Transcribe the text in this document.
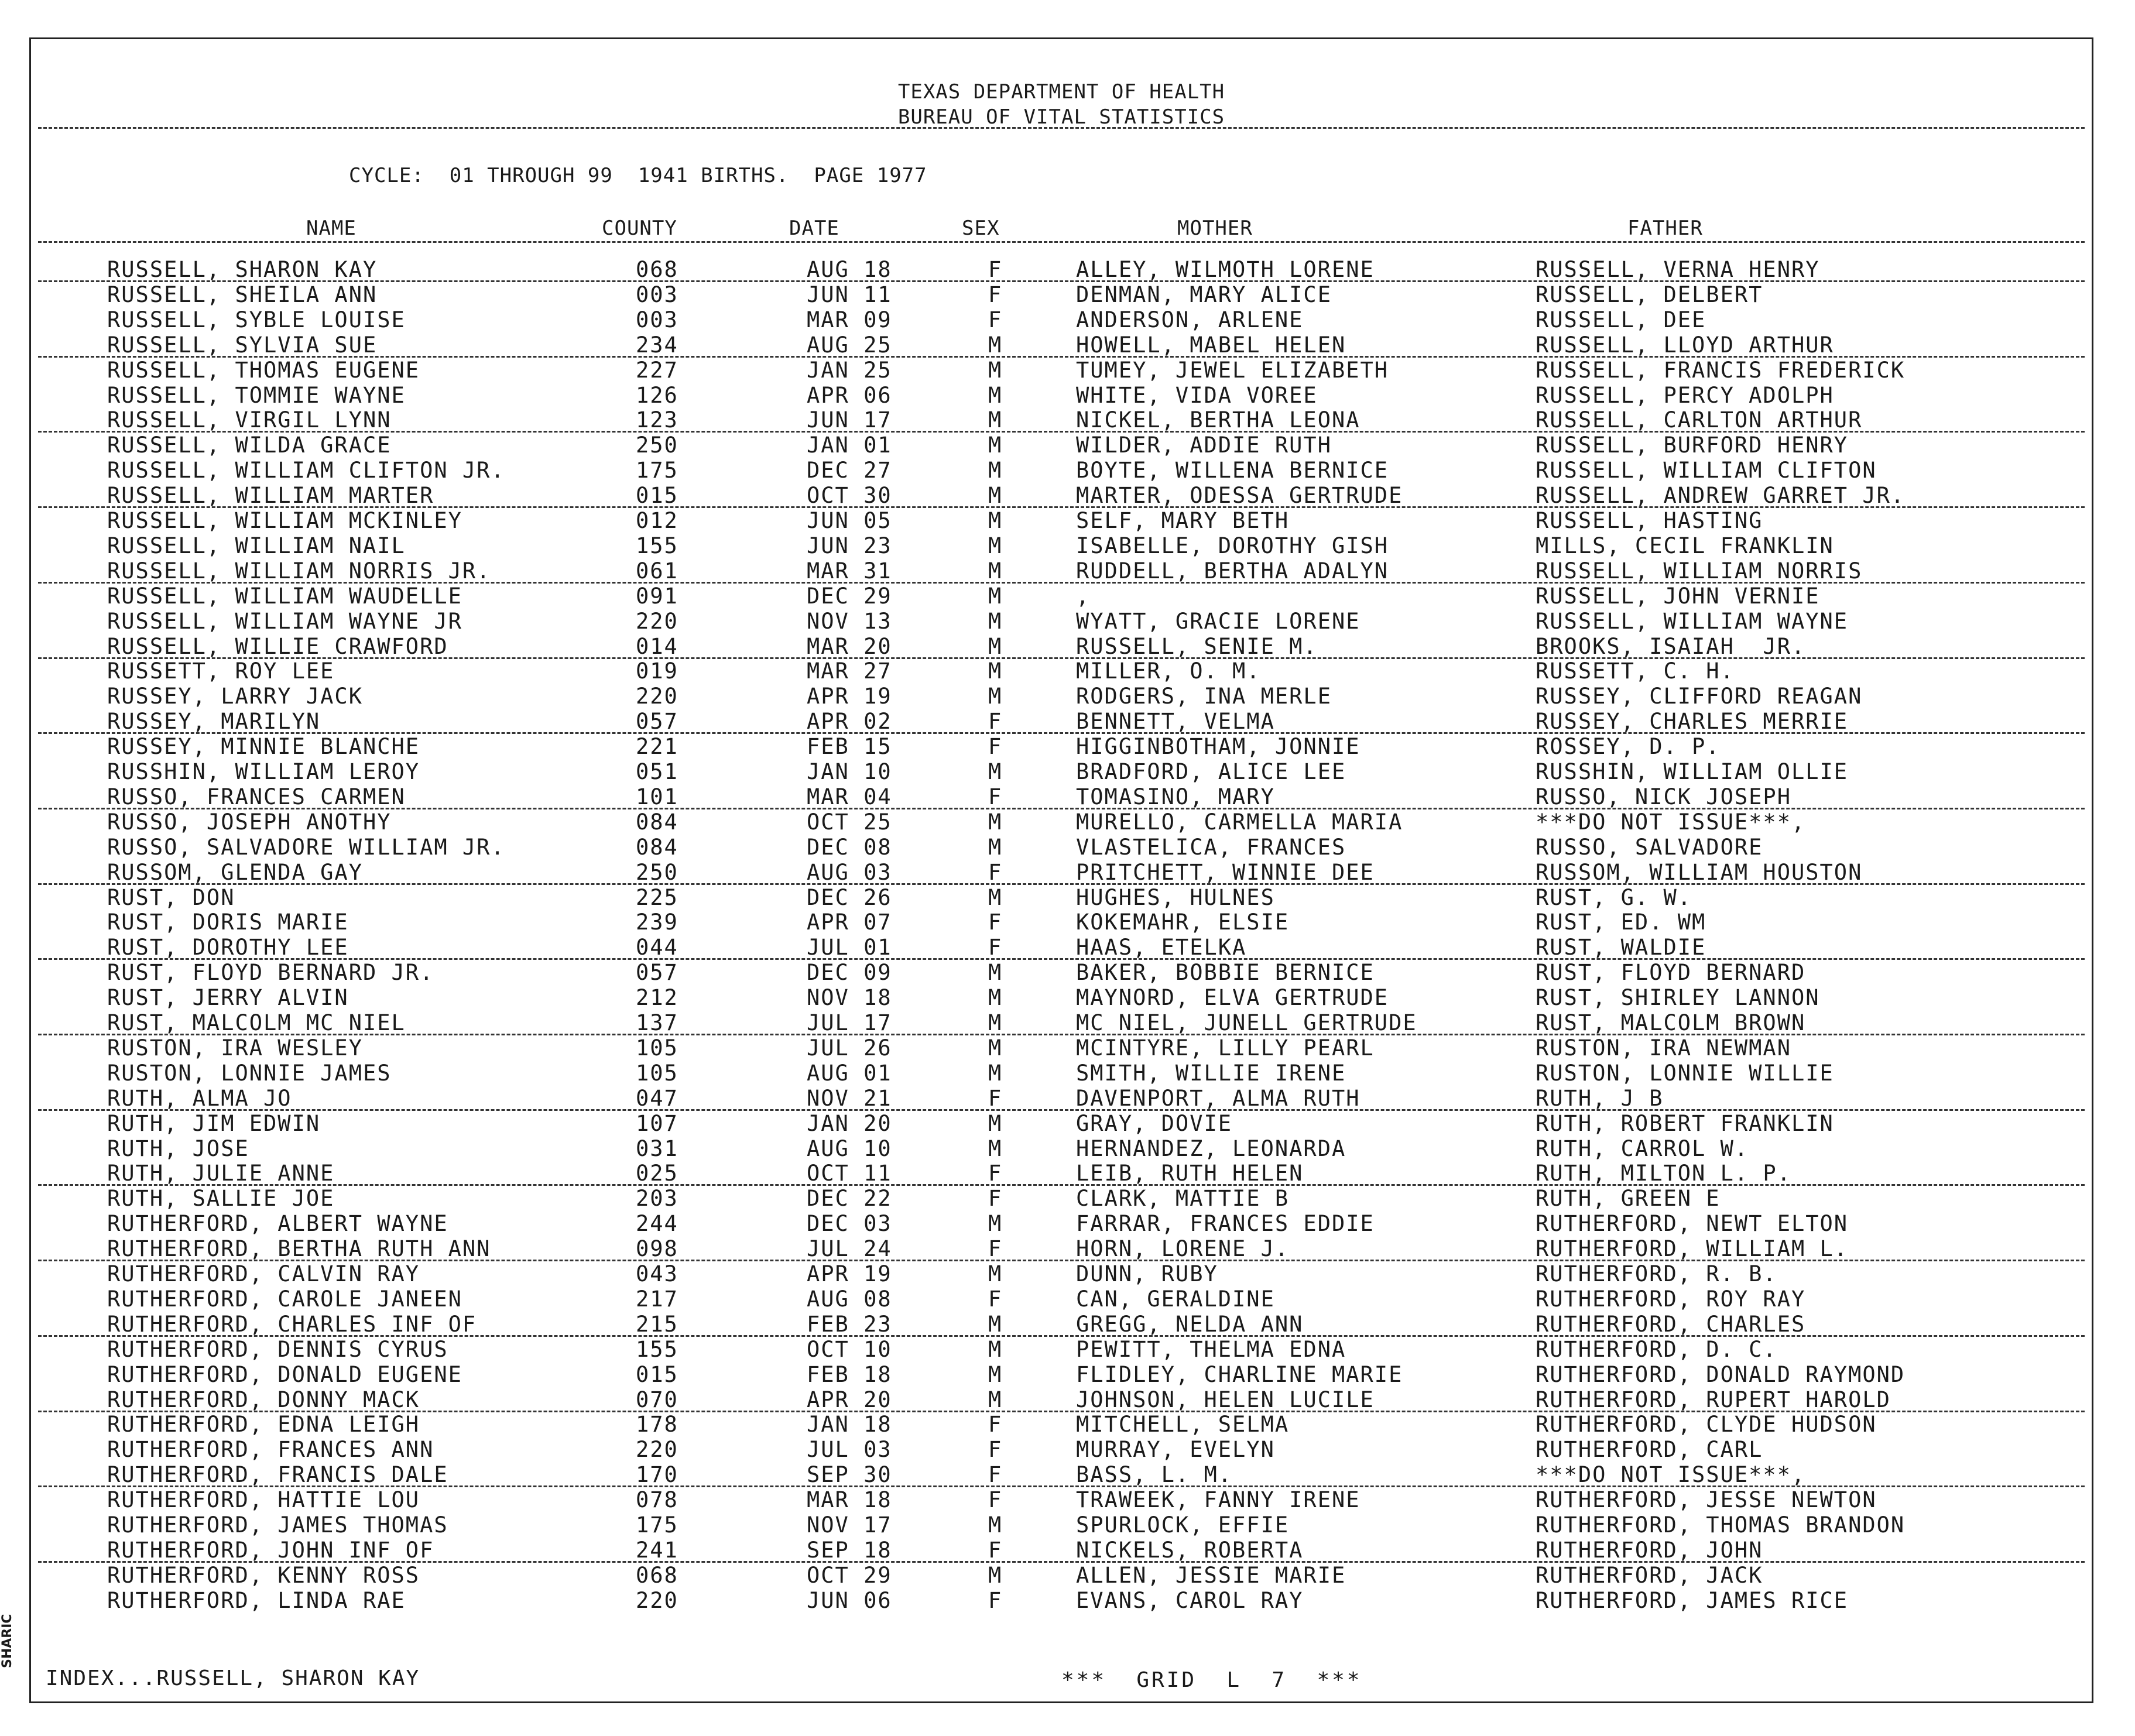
TEXAS DEPARTMENT OF HEALTH
BUREAU OF VITAL STATISTICS
CYCLE:  01 THROUGH 99  1941 BIRTHS.  PAGE 1977
NAME	COUNTY	DATE	SEX	MOTHER	FATHER
RUSSELL, SHARON KAY	068	AUG 18	F	ALLEY, WILMOTH LORENE	RUSSELL, VERNA HENRY
RUSSELL, SHEILA ANN	003	JUN 11	F	DENMAN, MARY ALICE	RUSSELL, DELBERT
RUSSELL, SYBLE LOUISE	003	MAR 09	F	ANDERSON, ARLENE	RUSSELL, DEE
RUSSELL, SYLVIA SUE	234	AUG 25	M	HOWELL, MABEL HELEN	RUSSELL, LLOYD ARTHUR
RUSSELL, THOMAS EUGENE	227	JAN 25	M	TUMEY, JEWEL ELIZABETH	RUSSELL, FRANCIS FREDERICK
RUSSELL, TOMMIE WAYNE	126	APR 06	M	WHITE, VIDA VOREE	RUSSELL, PERCY ADOLPH
RUSSELL, VIRGIL LYNN	123	JUN 17	M	NICKEL, BERTHA LEONA	RUSSELL, CARLTON ARTHUR
RUSSELL, WILDA GRACE	250	JAN 01	M	WILDER, ADDIE RUTH	RUSSELL, BURFORD HENRY
RUSSELL, WILLIAM CLIFTON JR.	175	DEC 27	M	BOYTE, WILLENA BERNICE	RUSSELL, WILLIAM CLIFTON
RUSSELL, WILLIAM MARTER	015	OCT 30	M	MARTER, ODESSA GERTRUDE	RUSSELL, ANDREW GARRET JR.
RUSSELL, WILLIAM MCKINLEY	012	JUN 05	M	SELF, MARY BETH	RUSSELL, HASTING
RUSSELL, WILLIAM NAIL	155	JUN 23	M	ISABELLE, DOROTHY GISH	MILLS, CECIL FRANKLIN
RUSSELL, WILLIAM NORRIS JR.	061	MAR 31	M	RUDDELL, BERTHA ADALYN	RUSSELL, WILLIAM NORRIS
RUSSELL, WILLIAM WAUDELLE	091	DEC 29	M	,	RUSSELL, JOHN VERNIE
RUSSELL, WILLIAM WAYNE JR	220	NOV 13	M	WYATT, GRACIE LORENE	RUSSELL, WILLIAM WAYNE
RUSSELL, WILLIE CRAWFORD	014	MAR 20	M	RUSSELL, SENIE M.	BROOKS, ISAIAH  JR.
RUSSETT, ROY LEE	019	MAR 27	M	MILLER, O. M.	RUSSETT, C. H.
RUSSEY, LARRY JACK	220	APR 19	M	RODGERS, INA MERLE	RUSSEY, CLIFFORD REAGAN
RUSSEY, MARILYN	057	APR 02	F	BENNETT, VELMA	RUSSEY, CHARLES MERRIE
RUSSEY, MINNIE BLANCHE	221	FEB 15	F	HIGGINBOTHAM, JONNIE	ROSSEY, D. P.
RUSSHIN, WILLIAM LEROY	051	JAN 10	M	BRADFORD, ALICE LEE	RUSSHIN, WILLIAM OLLIE
RUSSO, FRANCES CARMEN	101	MAR 04	F	TOMASINO, MARY	RUSSO, NICK JOSEPH
RUSSO, JOSEPH ANOTHY	084	OCT 25	M	MURELLO, CARMELLA MARIA	***DO NOT ISSUE***,
RUSSO, SALVADORE WILLIAM JR.	084	DEC 08	M	VLASTELICA, FRANCES	RUSSO, SALVADORE
RUSSOM, GLENDA GAY	250	AUG 03	F	PRITCHETT, WINNIE DEE	RUSSOM, WILLIAM HOUSTON
RUST, DON	225	DEC 26	M	HUGHES, HULNES	RUST, G. W.
RUST, DORIS MARIE	239	APR 07	F	KOKEMAHR, ELSIE	RUST, ED. WM
RUST, DOROTHY LEE	044	JUL 01	F	HAAS, ETELKA	RUST, WALDIE
RUST, FLOYD BERNARD JR.	057	DEC 09	M	BAKER, BOBBIE BERNICE	RUST, FLOYD BERNARD
RUST, JERRY ALVIN	212	NOV 18	M	MAYNORD, ELVA GERTRUDE	RUST, SHIRLEY LANNON
RUST, MALCOLM MC NIEL	137	JUL 17	M	MC NIEL, JUNELL GERTRUDE	RUST, MALCOLM BROWN
RUSTON, IRA WESLEY	105	JUL 26	M	MCINTYRE, LILLY PEARL	RUSTON, IRA NEWMAN
RUSTON, LONNIE JAMES	105	AUG 01	M	SMITH, WILLIE IRENE	RUSTON, LONNIE WILLIE
RUTH, ALMA JO	047	NOV 21	F	DAVENPORT, ALMA RUTH	RUTH, J B
RUTH, JIM EDWIN	107	JAN 20	M	GRAY, DOVIE	RUTH, ROBERT FRANKLIN
RUTH, JOSE	031	AUG 10	M	HERNANDEZ, LEONARDA	RUTH, CARROL W.
RUTH, JULIE ANNE	025	OCT 11	F	LEIB, RUTH HELEN	RUTH, MILTON L. P.
RUTH, SALLIE JOE	203	DEC 22	F	CLARK, MATTIE B	RUTH, GREEN E
RUTHERFORD, ALBERT WAYNE	244	DEC 03	M	FARRAR, FRANCES EDDIE	RUTHERFORD, NEWT ELTON
RUTHERFORD, BERTHA RUTH ANN	098	JUL 24	F	HORN, LORENE J.	RUTHERFORD, WILLIAM L.
RUTHERFORD, CALVIN RAY	043	APR 19	M	DUNN, RUBY	RUTHERFORD, R. B.
RUTHERFORD, CAROLE JANEEN	217	AUG 08	F	CAN, GERALDINE	RUTHERFORD, ROY RAY
RUTHERFORD, CHARLES INF OF	215	FEB 23	M	GREGG, NELDA ANN	RUTHERFORD, CHARLES
RUTHERFORD, DENNIS CYRUS	155	OCT 10	M	PEWITT, THELMA EDNA	RUTHERFORD, D. C.
RUTHERFORD, DONALD EUGENE	015	FEB 18	M	FLIDLEY, CHARLINE MARIE	RUTHERFORD, DONALD RAYMOND
RUTHERFORD, DONNY MACK	070	APR 20	M	JOHNSON, HELEN LUCILE	RUTHERFORD, RUPERT HAROLD
RUTHERFORD, EDNA LEIGH	178	JAN 18	F	MITCHELL, SELMA	RUTHERFORD, CLYDE HUDSON
RUTHERFORD, FRANCES ANN	220	JUL 03	F	MURRAY, EVELYN	RUTHERFORD, CARL
RUTHERFORD, FRANCIS DALE	170	SEP 30	F	BASS, L. M.	***DO NOT ISSUE***,
RUTHERFORD, HATTIE LOU	078	MAR 18	F	TRAWEEK, FANNY IRENE	RUTHERFORD, JESSE NEWTON
RUTHERFORD, JAMES THOMAS	175	NOV 17	M	SPURLOCK, EFFIE	RUTHERFORD, THOMAS BRANDON
RUTHERFORD, JOHN INF OF	241	SEP 18	F	NICKELS, ROBERTA	RUTHERFORD, JOHN
RUTHERFORD, KENNY ROSS	068	OCT 29	M	ALLEN, JESSIE MARIE	RUTHERFORD, JACK
RUTHERFORD, LINDA RAE	220	JUN 06	F	EVANS, CAROL RAY	RUTHERFORD, JAMES RICE
INDEX...RUSSELL, SHARON KAY	***  GRID  L  7  ***
SHARIC
